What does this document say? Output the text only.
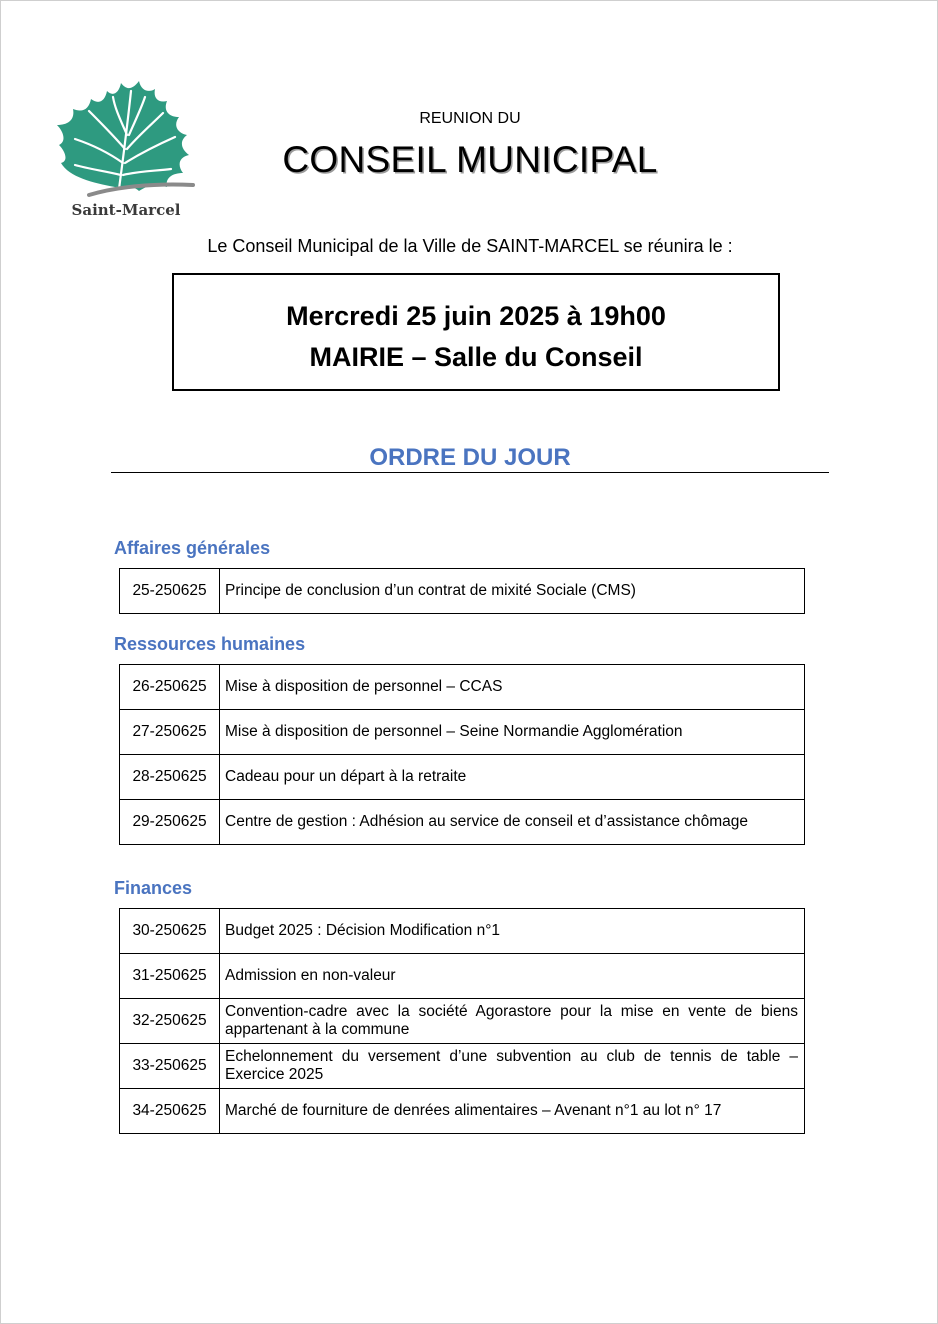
Saint-Marcel
REUNION DU
CONSEIL MUNICIPAL
Le Conseil Municipal de la Ville de SAINT-MARCEL se réunira le :
Mercredi 25 juin 2025 à 19h00
MAIRIE – Salle du Conseil
ORDRE DU JOUR
Affaires générales
25-250625	Principe de conclusion d’un contrat de mixité Sociale (CMS)
Ressources humaines
26-250625	Mise à disposition de personnel – CCAS
27-250625	Mise à disposition de personnel – Seine Normandie Agglomération
28-250625	Cadeau pour un départ à la retraite
29-250625	Centre de gestion : Adhésion au service de conseil et d’assistance chômage
Finances
30-250625	Budget 2025 : Décision Modification n°1
31-250625	Admission en non-valeur
32-250625	Convention-cadre avec la société Agorastore pour la mise en vente de biens appartenant à la commune
33-250625	Echelonnement du versement d’une subvention au club de tennis de table – Exercice 2025
34-250625	Marché de fourniture de denrées alimentaires – Avenant n°1 au lot n° 17
